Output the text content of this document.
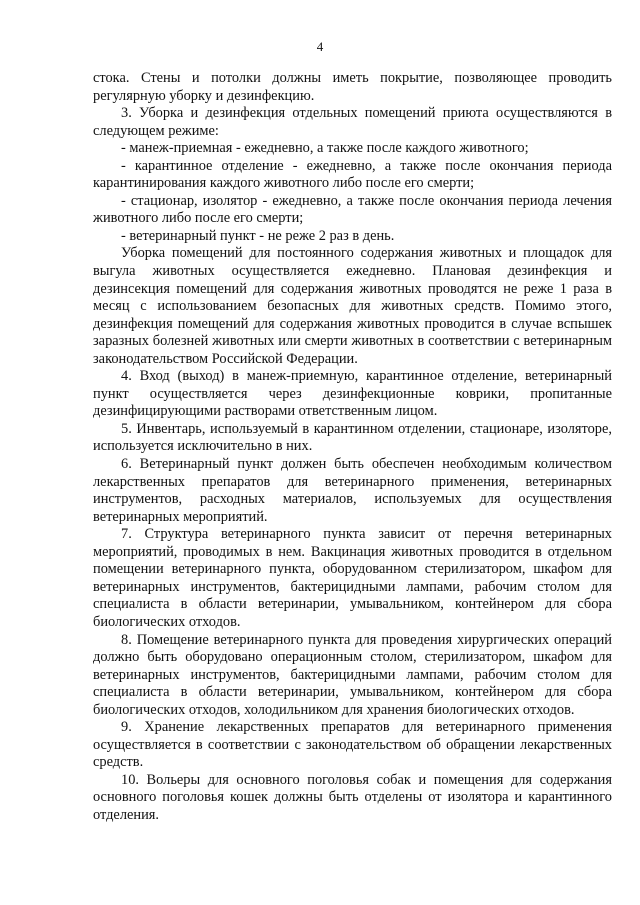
4

стока. Стены и потолки должны иметь покрытие, позволяющее проводить регулярную уборку и дезинфекцию.

3. Уборка и дезинфекция отдельных помещений приюта осуществляются в следующем режиме:

- манеж-приемная - ежедневно, а также после каждого животного;

- карантинное отделение - ежедневно, а также после окончания периода карантинирования каждого животного либо после его смерти;

- стационар, изолятор - ежедневно, а также после окончания периода лечения животного либо после его смерти;

- ветеринарный пункт - не реже 2 раз в день.

Уборка помещений для постоянного содержания животных и площадок для выгула животных осуществляется ежедневно. Плановая дезинфекция и дезинсекция помещений для содержания животных проводятся не реже 1 раза в месяц с использованием безопасных для животных средств. Помимо этого, дезинфекция помещений для содержания животных проводится в случае вспышек заразных болезней животных или смерти животных в соответствии с ветеринарным законодательством Российской Федерации.

4. Вход (выход) в манеж-приемную, карантинное отделение, ветеринарный пункт осуществляется через дезинфекционные коврики, пропитанные дезинфицирующими растворами ответственным лицом.

5. Инвентарь, используемый в карантинном отделении, стационаре, изоляторе, используется исключительно в них.

6. Ветеринарный пункт должен быть обеспечен необходимым количеством лекарственных препаратов для ветеринарного применения, ветеринарных инструментов, расходных материалов, используемых для осуществления ветеринарных мероприятий.

7. Структура ветеринарного пункта зависит от перечня ветеринарных мероприятий, проводимых в нем. Вакцинация животных проводится в отдельном помещении ветеринарного пункта, оборудованном стерилизатором, шкафом для ветеринарных инструментов, бактерицидными лампами, рабочим столом для специалиста в области ветеринарии, умывальником, контейнером для сбора биологических отходов.

8. Помещение ветеринарного пункта для проведения хирургических операций должно быть оборудовано операционным столом, стерилизатором, шкафом для ветеринарных инструментов, бактерицидными лампами, рабочим столом для специалиста в области ветеринарии, умывальником, контейнером для сбора биологических отходов, холодильником для хранения биологических отходов.

9. Хранение лекарственных препаратов для ветеринарного применения осуществляется в соответствии с законодательством об обращении лекарственных средств.

10. Вольеры для основного поголовья собак и помещения для содержания основного поголовья кошек должны быть отделены от изолятора и карантинного отделения.
